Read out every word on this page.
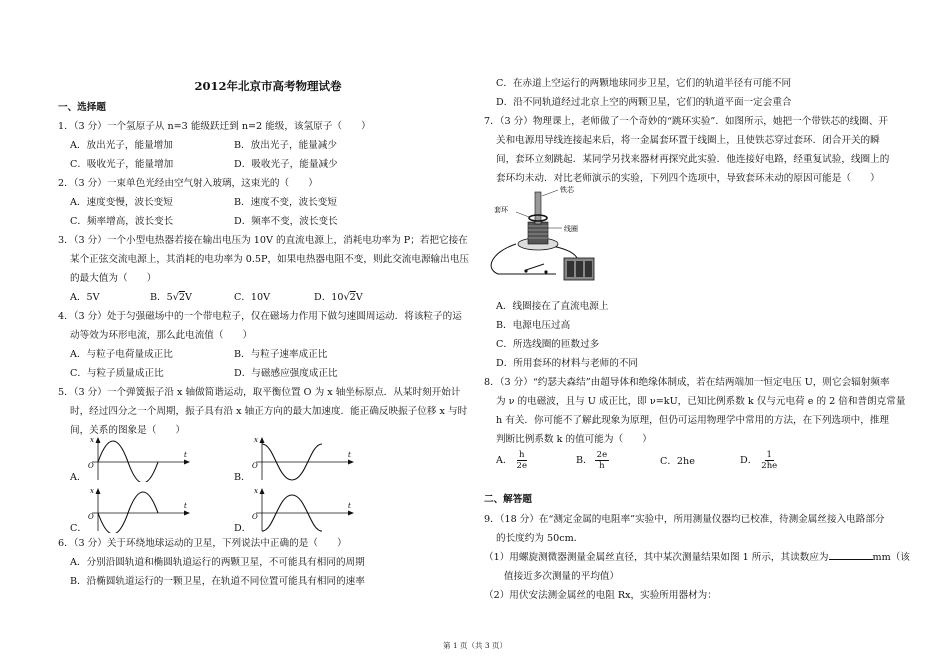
2012年北京市高考物理试卷
一、选择题
1．（3 分）一个氢原子从 n=3 能级跃迁到 n=2 能级，该氢原子（　　）
A．放出光子，能量增加	B．放出光子，能量减少
C．吸收光子，能量增加	D．吸收光子，能量减少
2．（3 分）一束单色光经由空气射入玻璃，这束光的（　　）
A．速度变慢，波长变短	B．速度不变，波长变短
C．频率增高，波长变长	D．频率不变，波长变长
3．（3 分）一个小型电热器若接在输出电压为 10V 的直流电源上，消耗电功率为 P；若把它接在
某个正弦交流电源上，其消耗的电功率为 0.5P，如果电热器电阻不变，则此交流电源输出电压
的最大值为（　　）
A．5V	B．5√2V	C．10V	D．10√2V
4．（3 分）处于匀强磁场中的一个带电粒子，仅在磁场力作用下做匀速圆周运动．将该粒子的运
动等效为环形电流，那么此电流值（　　）
A．与粒子电荷量成正比	B．与粒子速率成正比
C．与粒子质量成正比	D．与磁感应强度成正比
5．（3 分）一个弹簧振子沿 x 轴做简谐运动，取平衡位置 O 为 x 轴坐标原点．从某时刻开始计
时，经过四分之一个周期，振子具有沿 x 轴正方向的最大加速度．能正确反映振子位移 x 与时
间，关系的图象是（　　）
A．	B．
C．	D．
x
t
O
x
t
O
x
t
O
x
t
O
6．（3 分）关于环绕地球运动的卫星，下列说法中正确的是（　　）
A．分别沿圆轨道和椭圆轨道运行的两颗卫星，不可能具有相同的周期
B．沿椭圆轨道运行的一颗卫星，在轨道不同位置可能具有相同的速率
C．在赤道上空运行的两颗地球同步卫星，它们的轨道半径有可能不同
D．沿不同轨道经过北京上空的两颗卫星，它们的轨道平面一定会重合
7．（3 分）物理课上，老师做了一个奇妙的“跳环实验”．如图所示，她把一个带铁芯的线圈、开
关和电源用导线连接起来后，将一金属套环置于线圈上，且使铁芯穿过套环．闭合开关的瞬
间，套环立刻跳起．某同学另找来器材再探究此实验．他连接好电路，经重复试验，线圈上的
套环均未动．对比老师演示的实验，下列四个选项中，导致套环未动的原因可能是（　　）
铁芯
套环
线圈
A．线圈接在了直流电源上
B．电源电压过高
C．所选线圈的匝数过多
D．所用套环的材料与老师的不同
8．（3 分）“约瑟夫森结”由超导体和绝缘体制成，若在结两端加一恒定电压 U，则它会辐射频率
为 ν 的电磁波，且与 U 成正比，即 ν=kU，已知比例系数 k 仅与元电荷 e 的 2 倍和普朗克常量
h 有关．你可能不了解此现象为原理，但仍可运用物理学中常用的方法，在下列选项中，推理
判断比例系数 k 的值可能为（　　）
A． $\frac{h}{2e}$	B． $\frac{2e}{h}$	C．2he	D． $\frac{1}{2he}$
二、解答题
9．（18 分）在“测定金属的电阻率”实验中，所用测量仪器均已校准，待测金属丝接入电路部分
的长度约为 50cm．
（1）用螺旋测微器测量金属丝直径，其中某次测量结果如图 1 所示，其读数应为	mm（该
值接近多次测量的平均值）
（2）用伏安法测金属丝的电阻 Rx，实验所用器材为：
第 1 页（共 3 页）
